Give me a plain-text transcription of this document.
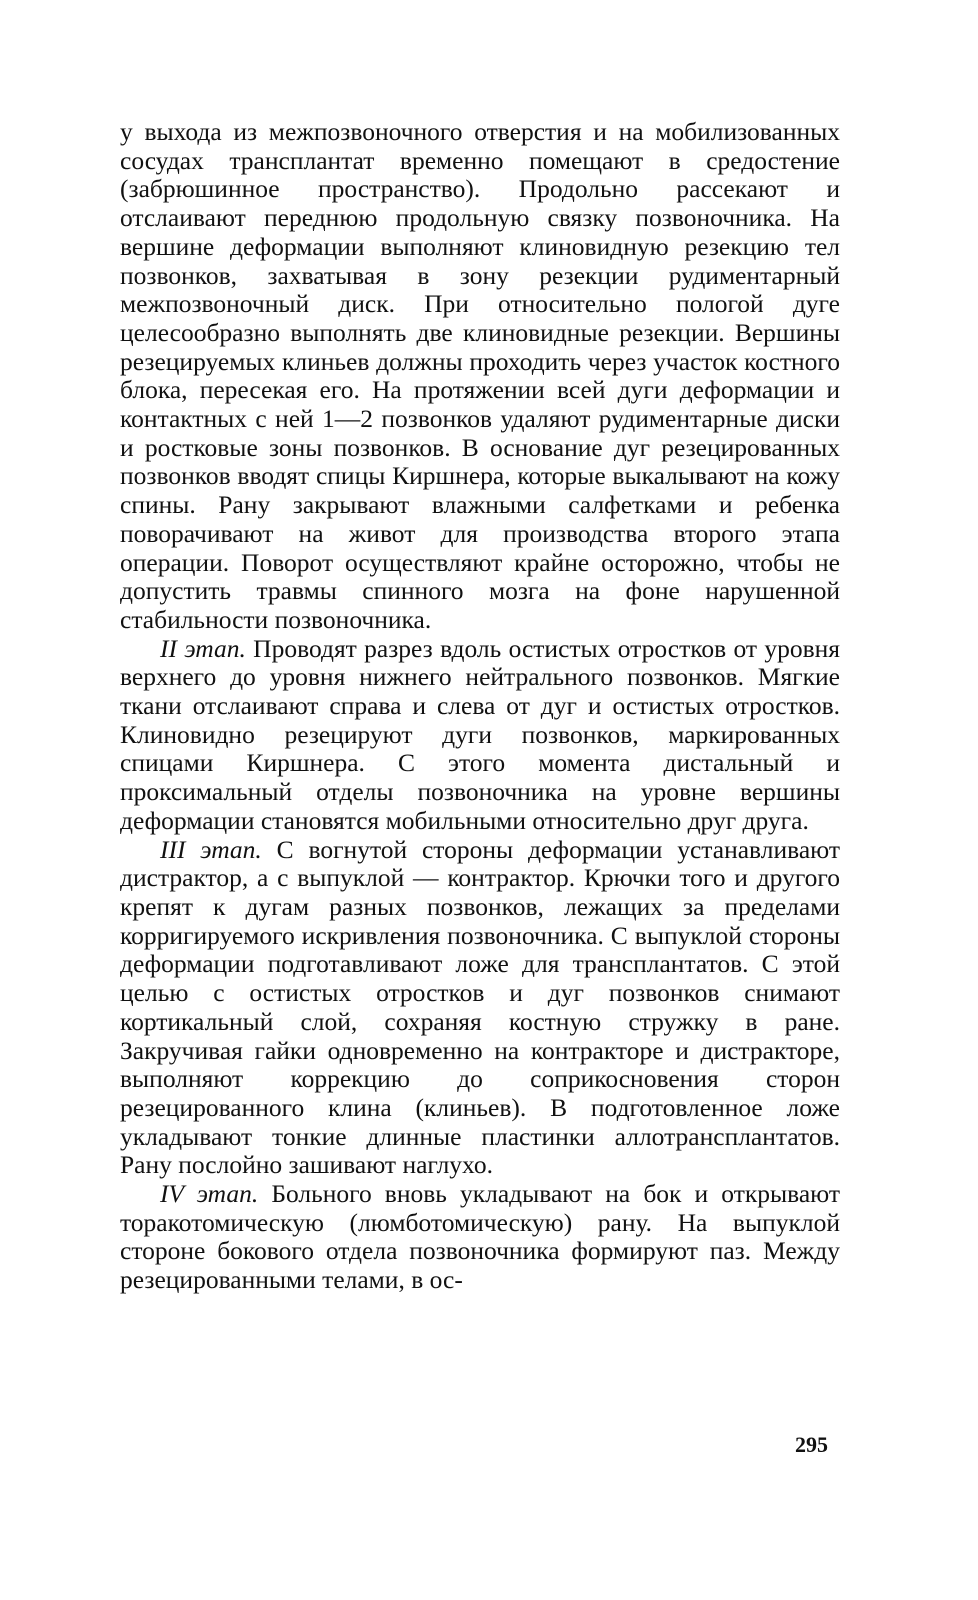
у выхода из межпозвоночного отверстия и на мобилизованных сосудах трансплантат временно помещают в средостение (забрюшинное пространство). Продольно рассекают и отслаивают переднюю продольную связку позвоночника. На вершине деформации выполняют клиновидную резекцию тел позвонков, захватывая в зону резекции рудиментарный межпозвоночный диск. При относительно пологой дуге целесообразно выполнять две клиновидные резекции. Вершины резецируемых клиньев должны проходить через участок костного блока, пересекая его. На протяжении всей дуги деформации и контактных с ней 1—2 позвонков удаляют рудиментарные диски и ростковые зоны позвонков. В основание дуг резецированных позвонков вводят спицы Киршнера, которые выкалывают на кожу спины. Рану закрывают влажными салфетками и ребенка поворачивают на живот для производства второго этапа операции. Поворот осуществляют крайне осторожно, чтобы не допустить травмы спинного мозга на фоне нарушенной стабильности позвоночника.

II этап. Проводят разрез вдоль остистых отростков от уровня верхнего до уровня нижнего нейтрального позвонков. Мягкие ткани отслаивают справа и слева от дуг и остистых отростков. Клиновидно резецируют дуги позвонков, маркированных спицами Киршнера. С этого момента дистальный и проксимальный отделы позвоночника на уровне вершины деформации становятся мобильными относительно друг друга.

III этап. С вогнутой стороны деформации устанавливают дистрактор, а с выпуклой — контрактор. Крючки того и другого крепят к дугам разных позвонков, лежащих за пределами корригируемого искривления позвоночника. С выпуклой стороны деформации подготавливают ложе для трансплантатов. С этой целью с остистых отростков и дуг позвонков снимают кортикальный слой, сохраняя костную стружку в ране. Закручивая гайки одновременно на контракторе и дистракторе, выполняют коррекцию до соприкосновения сторон резецированного клина (клиньев). В подготовленное ложе укладывают тонкие длинные пластинки аллотрансплантатов. Рану послойно зашивают наглухо.

IV этап. Больного вновь укладывают на бок и открывают торакотомическую (люмботомическую) рану. На выпуклой стороне бокового отдела позвоночника формируют паз. Между резецированными телами, в ос-

295
